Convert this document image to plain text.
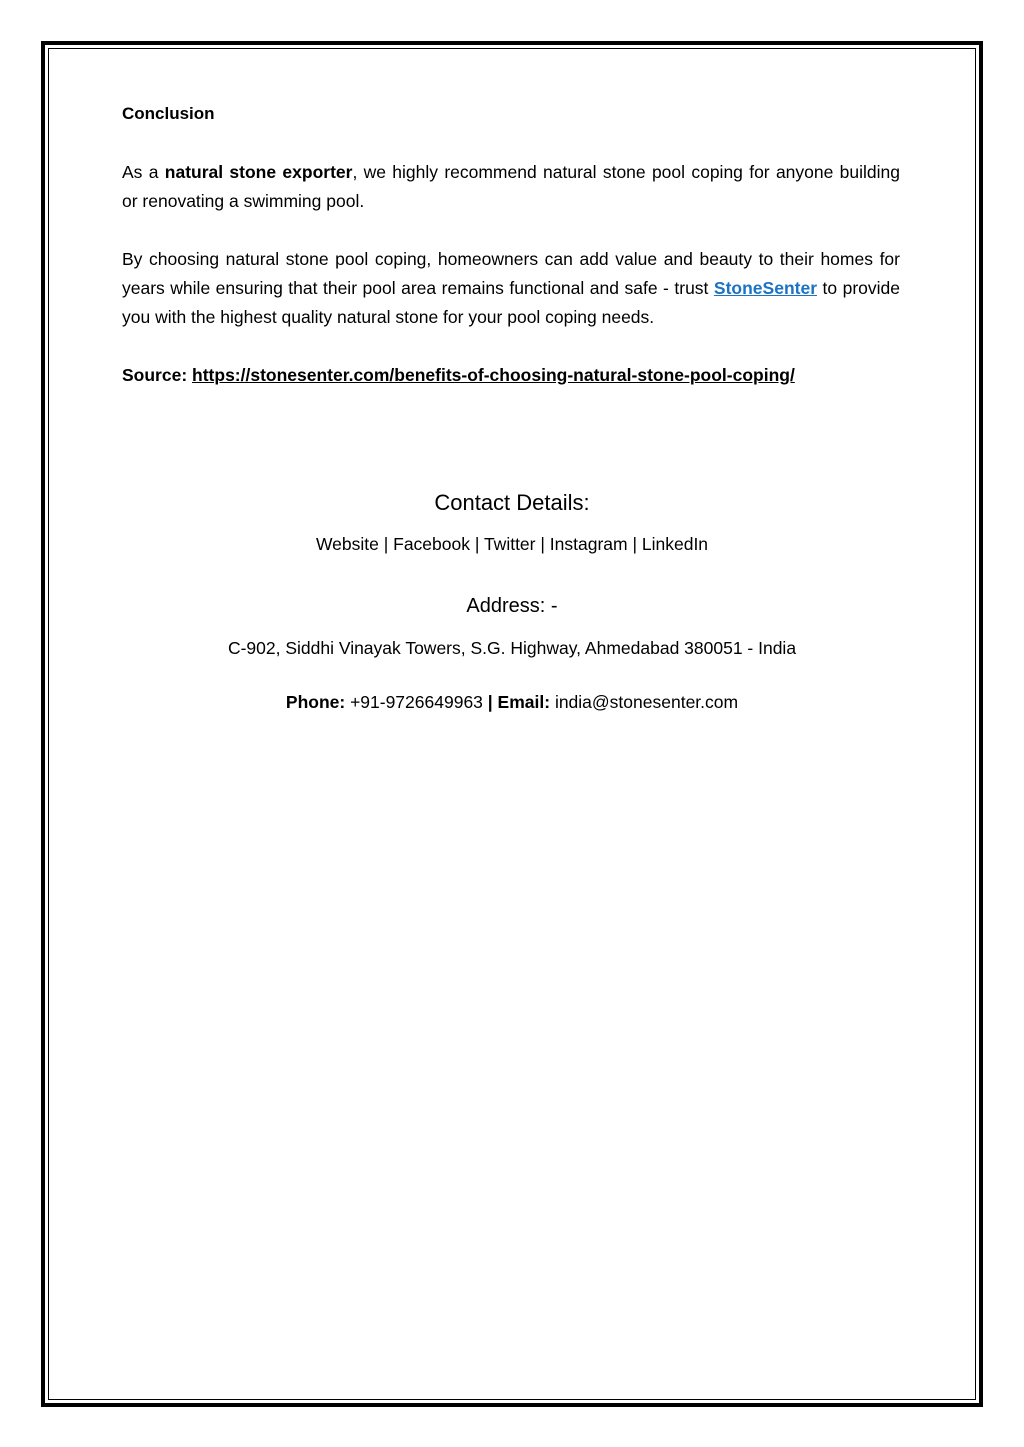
Conclusion

As a natural stone exporter, we highly recommend natural stone pool coping for anyone building or renovating a swimming pool.

By choosing natural stone pool coping, homeowners can add value and beauty to their homes for years while ensuring that their pool area remains functional and safe - trust StoneSenter to provide you with the highest quality natural stone for your pool coping needs.

Source: https://stonesenter.com/benefits-of-choosing-natural-stone-pool-coping/

Contact Details:

Website | Facebook | Twitter | Instagram | LinkedIn

Address: -

C-902, Siddhi Vinayak Towers, S.G. Highway, Ahmedabad 380051 - India

Phone: +91-9726649963 | Email: india@stonesenter.com
